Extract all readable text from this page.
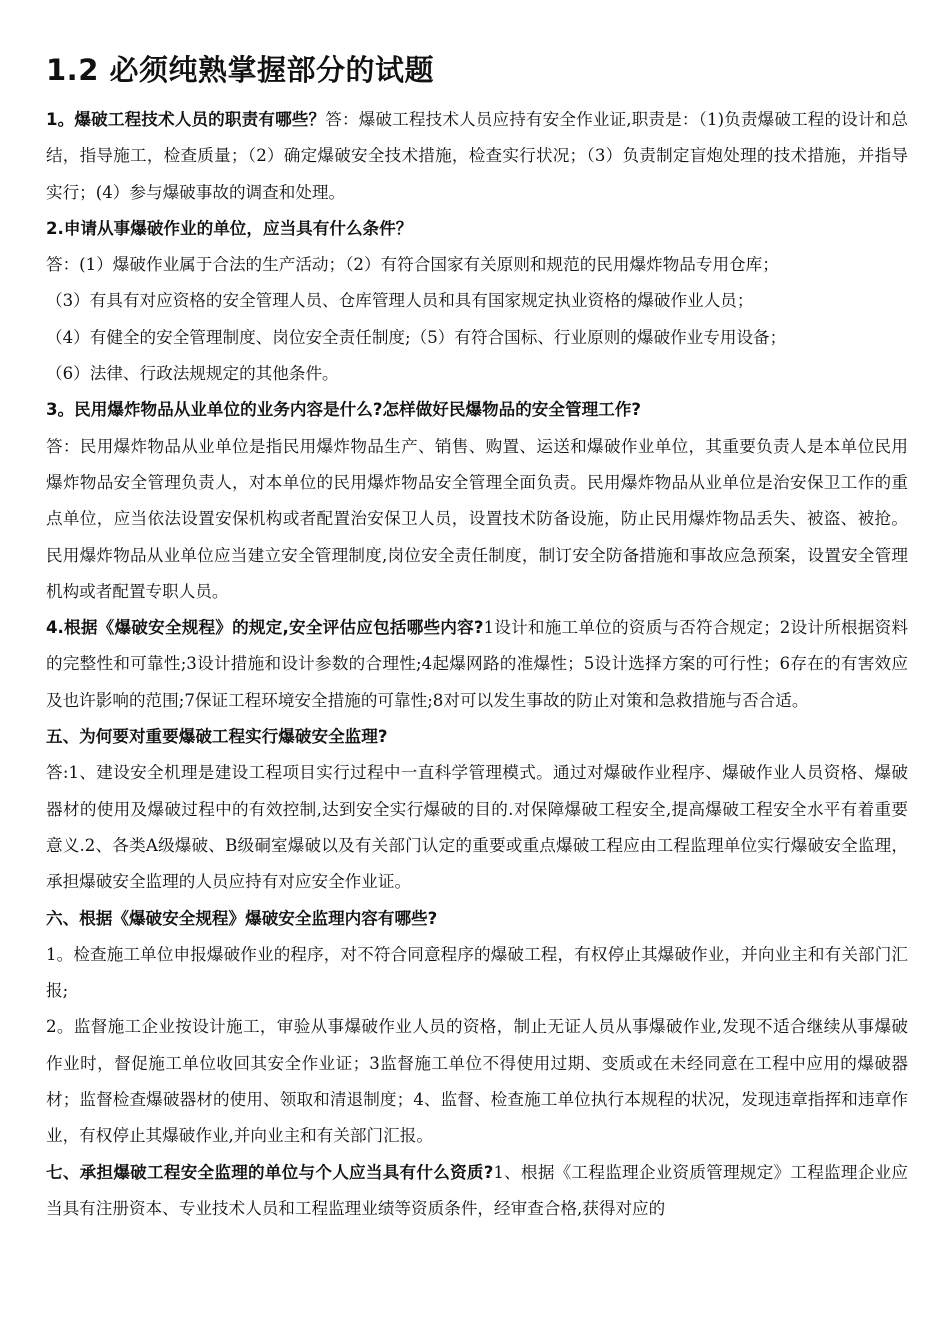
1.2 必须纯熟掌握部分的试题

1。爆破工程技术人员的职责有哪些？答：爆破工程技术人员应持有安全作业证,职责是：（1)负责爆破工程的设计和总结，指导施工，检查质量；（2）确定爆破安全技术措施，检查实行状况；（3）负责制定盲炮处理的技术措施，并指导实行；(4）参与爆破事故的调查和处理。

2.申请从事爆破作业的单位，应当具有什么条件？

答：(1）爆破作业属于合法的生产活动；（2）有符合国家有关原则和规范的民用爆炸物品专用仓库；

（3）有具有对应资格的安全管理人员、仓库管理人员和具有国家规定执业资格的爆破作业人员；

（4）有健全的安全管理制度、岗位安全责任制度;（5）有符合国标、行业原则的爆破作业专用设备；

（6）法律、行政法规规定的其他条件。

3。民用爆炸物品从业单位的业务内容是什么?怎样做好民爆物品的安全管理工作?

答：民用爆炸物品从业单位是指民用爆炸物品生产、销售、购置、运送和爆破作业单位，其重要负责人是本单位民用爆炸物品安全管理负责人，对本单位的民用爆炸物品安全管理全面负责。民用爆炸物品从业单位是治安保卫工作的重点单位，应当依法设置安保机构或者配置治安保卫人员，设置技术防备设施，防止民用爆炸物品丢失、被盗、被抢。民用爆炸物品从业单位应当建立安全管理制度,岗位安全责任制度，制订安全防备措施和事故应急预案，设置安全管理机构或者配置专职人员。

4.根据《爆破安全规程》的规定,安全评估应包括哪些内容?1设计和施工单位的资质与否符合规定；2设计所根据资料的完整性和可靠性;3设计措施和设计参数的合理性;4起爆网路的准爆性；5设计选择方案的可行性；6存在的有害效应及也许影响的范围;7保证工程环境安全措施的可靠性;8对可以发生事故的防止对策和急救措施与否合适。

五、为何要对重要爆破工程实行爆破安全监理?

答:1、建设安全机理是建设工程项目实行过程中一直科学管理模式。通过对爆破作业程序、爆破作业人员资格、爆破器材的使用及爆破过程中的有效控制,达到安全实行爆破的目的.对保障爆破工程安全,提高爆破工程安全水平有着重要意义.2、各类A级爆破、B级硐室爆破以及有关部门认定的重要或重点爆破工程应由工程监理单位实行爆破安全监理，承担爆破安全监理的人员应持有对应安全作业证。

六、根据《爆破安全规程》爆破安全监理内容有哪些?

1。检查施工单位申报爆破作业的程序，对不符合同意程序的爆破工程，有权停止其爆破作业，并向业主和有关部门汇报;

2。监督施工企业按设计施工，审验从事爆破作业人员的资格，制止无证人员从事爆破作业,发现不适合继续从事爆破作业时，督促施工单位收回其安全作业证；3监督施工单位不得使用过期、变质或在未经同意在工程中应用的爆破器材；监督检查爆破器材的使用、领取和清退制度；4、监督、检查施工单位执行本规程的状况，发现违章指挥和违章作业，有权停止其爆破作业,并向业主和有关部门汇报。

七、承担爆破工程安全监理的单位与个人应当具有什么资质?1、根据《工程监理企业资质管理规定》工程监理企业应当具有注册资本、专业技术人员和工程监理业绩等资质条件，经审查合格,获得对应的
